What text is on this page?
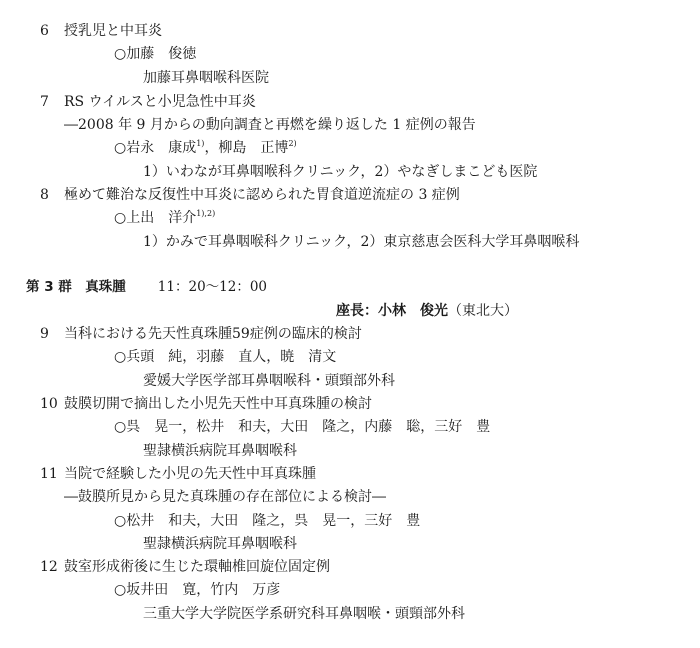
6 授乳児と中耳炎
○加藤　俊徳
加藤耳鼻咽喉科医院
7 RS ウイルスと小児急性中耳炎
―2008 年 9 月からの動向調査と再燃を繰り返した 1 症例の報告
○岩永　康成$^{1)}$，柳島　正博$^{2)}$
1）いわなが耳鼻咽喉科クリニック，2）やなぎしまこども医院
8 極めて難治な反復性中耳炎に認められた胃食道逆流症の 3 症例
○上出　洋介$^{1),2)}$
1）かみで耳鼻咽喉科クリニック，2）東京慈恵会医科大学耳鼻咽喉科
第 3 群　真珠腫 11：20～12：00
座長：小林　俊光（東北大）
9 当科における先天性真珠腫59症例の臨床的検討
○兵頭　純，羽藤　直人，暁　清文
愛媛大学医学部耳鼻咽喉科・頭頸部外科
10 鼓膜切開で摘出した小児先天性中耳真珠腫の検討
○呉　晃一，松井　和夫，大田　隆之，内藤　聡，三好　豊
聖隷横浜病院耳鼻咽喉科
11 当院で経験した小児の先天性中耳真珠腫
―鼓膜所見から見た真珠腫の存在部位による検討―
○松井　和夫，大田　隆之，呉　晃一，三好　豊
聖隷横浜病院耳鼻咽喉科
12 鼓室形成術後に生じた環軸椎回旋位固定例
○坂井田　寛，竹内　万彦
三重大学大学院医学系研究科耳鼻咽喉・頭頸部外科
